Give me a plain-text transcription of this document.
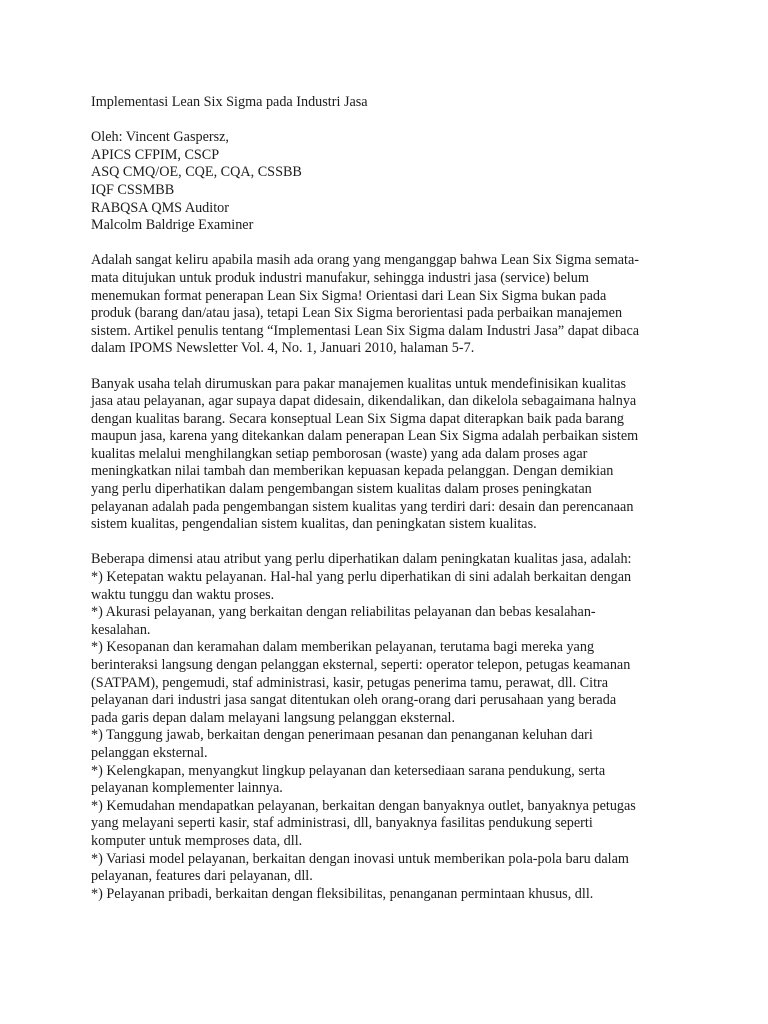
Implementasi Lean Six Sigma pada Industri Jasa
Oleh: Vincent Gaspersz,
APICS CFPIM, CSCP
ASQ CMQ/OE, CQE, CQA, CSSBB
IQF CSSMBB
RABQSA QMS Auditor
Malcolm Baldrige Examiner
Adalah sangat keliru apabila masih ada orang yang menganggap bahwa Lean Six Sigma semata-
mata ditujukan untuk produk industri manufakur, sehingga industri jasa (service) belum
menemukan format penerapan Lean Six Sigma! Orientasi dari Lean Six Sigma bukan pada
produk (barang dan/atau jasa), tetapi Lean Six Sigma berorientasi pada perbaikan manajemen
sistem. Artikel penulis tentang “Implementasi Lean Six Sigma dalam Industri Jasa” dapat dibaca
dalam IPOMS Newsletter Vol. 4, No. 1, Januari 2010, halaman 5-7.
Banyak usaha telah dirumuskan para pakar manajemen kualitas untuk mendefinisikan kualitas
jasa atau pelayanan, agar supaya dapat didesain, dikendalikan, dan dikelola sebagaimana halnya
dengan kualitas barang. Secara konseptual Lean Six Sigma dapat diterapkan baik pada barang
maupun jasa, karena yang ditekankan dalam penerapan Lean Six Sigma adalah perbaikan sistem
kualitas melalui menghilangkan setiap pemborosan (waste) yang ada dalam proses agar
meningkatkan nilai tambah dan memberikan kepuasan kepada pelanggan. Dengan demikian
yang perlu diperhatikan dalam pengembangan sistem kualitas dalam proses peningkatan
pelayanan adalah pada pengembangan sistem kualitas yang terdiri dari: desain dan perencanaan
sistem kualitas, pengendalian sistem kualitas, dan peningkatan sistem kualitas.
Beberapa dimensi atau atribut yang perlu diperhatikan dalam peningkatan kualitas jasa, adalah:
*) Ketepatan waktu pelayanan. Hal-hal yang perlu diperhatikan di sini adalah berkaitan dengan
waktu tunggu dan waktu proses.
*) Akurasi pelayanan, yang berkaitan dengan reliabilitas pelayanan dan bebas kesalahan-
kesalahan.
*) Kesopanan dan keramahan dalam memberikan pelayanan, terutama bagi mereka yang
berinteraksi langsung dengan pelanggan eksternal, seperti: operator telepon, petugas keamanan
(SATPAM), pengemudi, staf administrasi, kasir, petugas penerima tamu, perawat, dll. Citra
pelayanan dari industri jasa sangat ditentukan oleh orang-orang dari perusahaan yang berada
pada garis depan dalam melayani langsung pelanggan eksternal.
*) Tanggung jawab, berkaitan dengan penerimaan pesanan dan penanganan keluhan dari
pelanggan eksternal.
*) Kelengkapan, menyangkut lingkup pelayanan dan ketersediaan sarana pendukung, serta
pelayanan komplementer lainnya.
*) Kemudahan mendapatkan pelayanan, berkaitan dengan banyaknya outlet, banyaknya petugas
yang melayani seperti kasir, staf administrasi, dll, banyaknya fasilitas pendukung seperti
komputer untuk memproses data, dll.
*) Variasi model pelayanan, berkaitan dengan inovasi untuk memberikan pola-pola baru dalam
pelayanan, features dari pelayanan, dll.
*) Pelayanan pribadi, berkaitan dengan fleksibilitas, penanganan permintaan khusus, dll.
